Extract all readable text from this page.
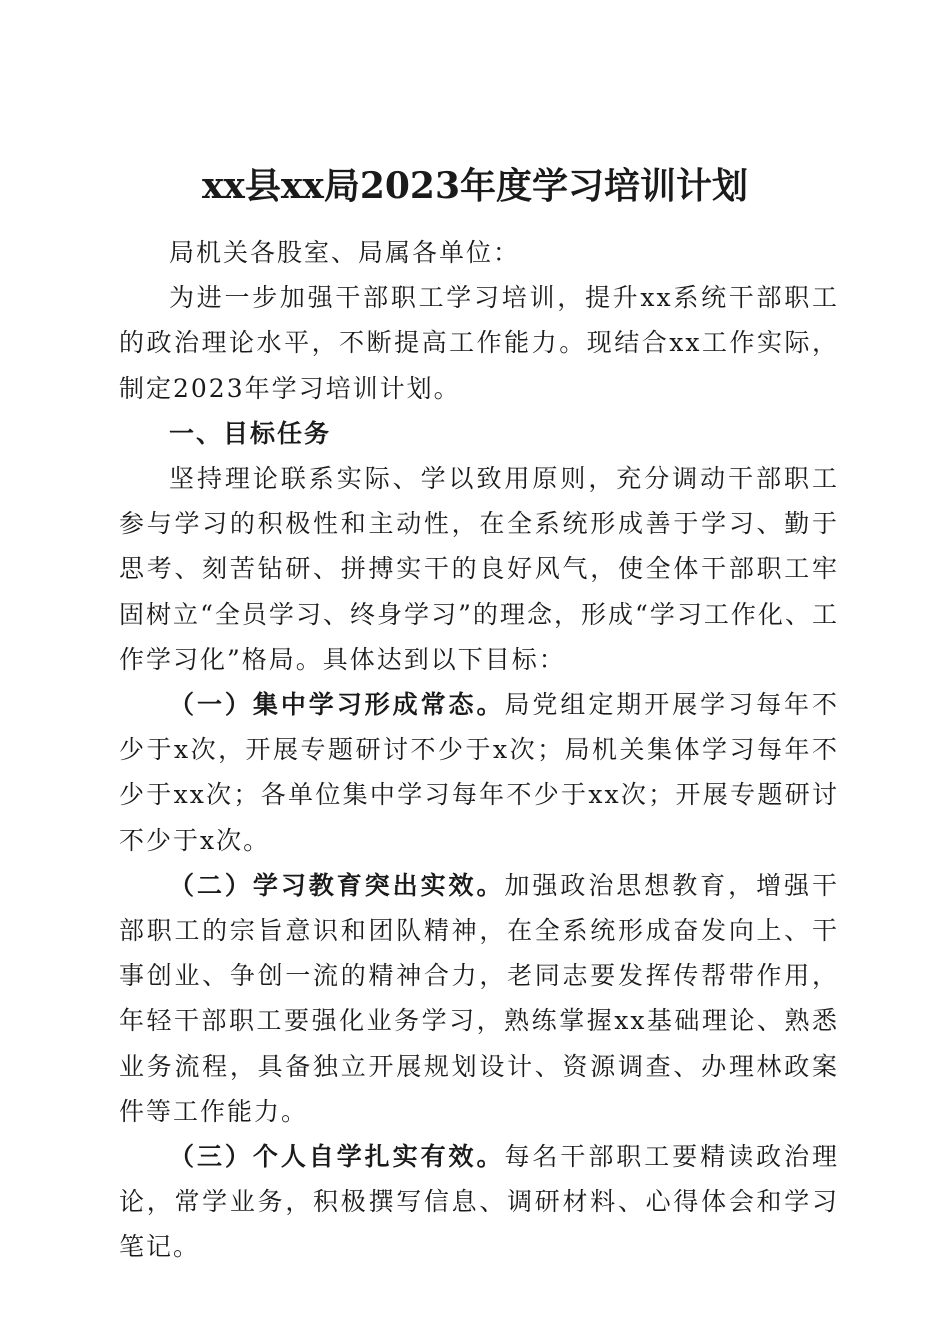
xx县xx局2023年度学习培训计划

局机关各股室、局属各单位：

为进一步加强干部职工学习培训，提升xx系统干部职工的政治理论水平，不断提高工作能力。现结合xx工作实际，制定2023年学习培训计划。

一、目标任务

坚持理论联系实际、学以致用原则，充分调动干部职工参与学习的积极性和主动性，在全系统形成善于学习、勤于思考、刻苦钻研、拼搏实干的良好风气，使全体干部职工牢固树立“全员学习、终身学习”的理念，形成“学习工作化、工作学习化”格局。具体达到以下目标：

（一）集中学习形成常态。局党组定期开展学习每年不少于x次，开展专题研讨不少于x次；局机关集体学习每年不少于xx次；各单位集中学习每年不少于xx次；开展专题研讨不少于x次。

（二）学习教育突出实效。加强政治思想教育，增强干部职工的宗旨意识和团队精神，在全系统形成奋发向上、干事创业、争创一流的精神合力，老同志要发挥传帮带作用，年轻干部职工要强化业务学习，熟练掌握xx基础理论、熟悉业务流程，具备独立开展规划设计、资源调查、办理林政案件等工作能力。

（三）个人自学扎实有效。每名干部职工要精读政治理论，常学业务，积极撰写信息、调研材料、心得体会和学习笔记。
